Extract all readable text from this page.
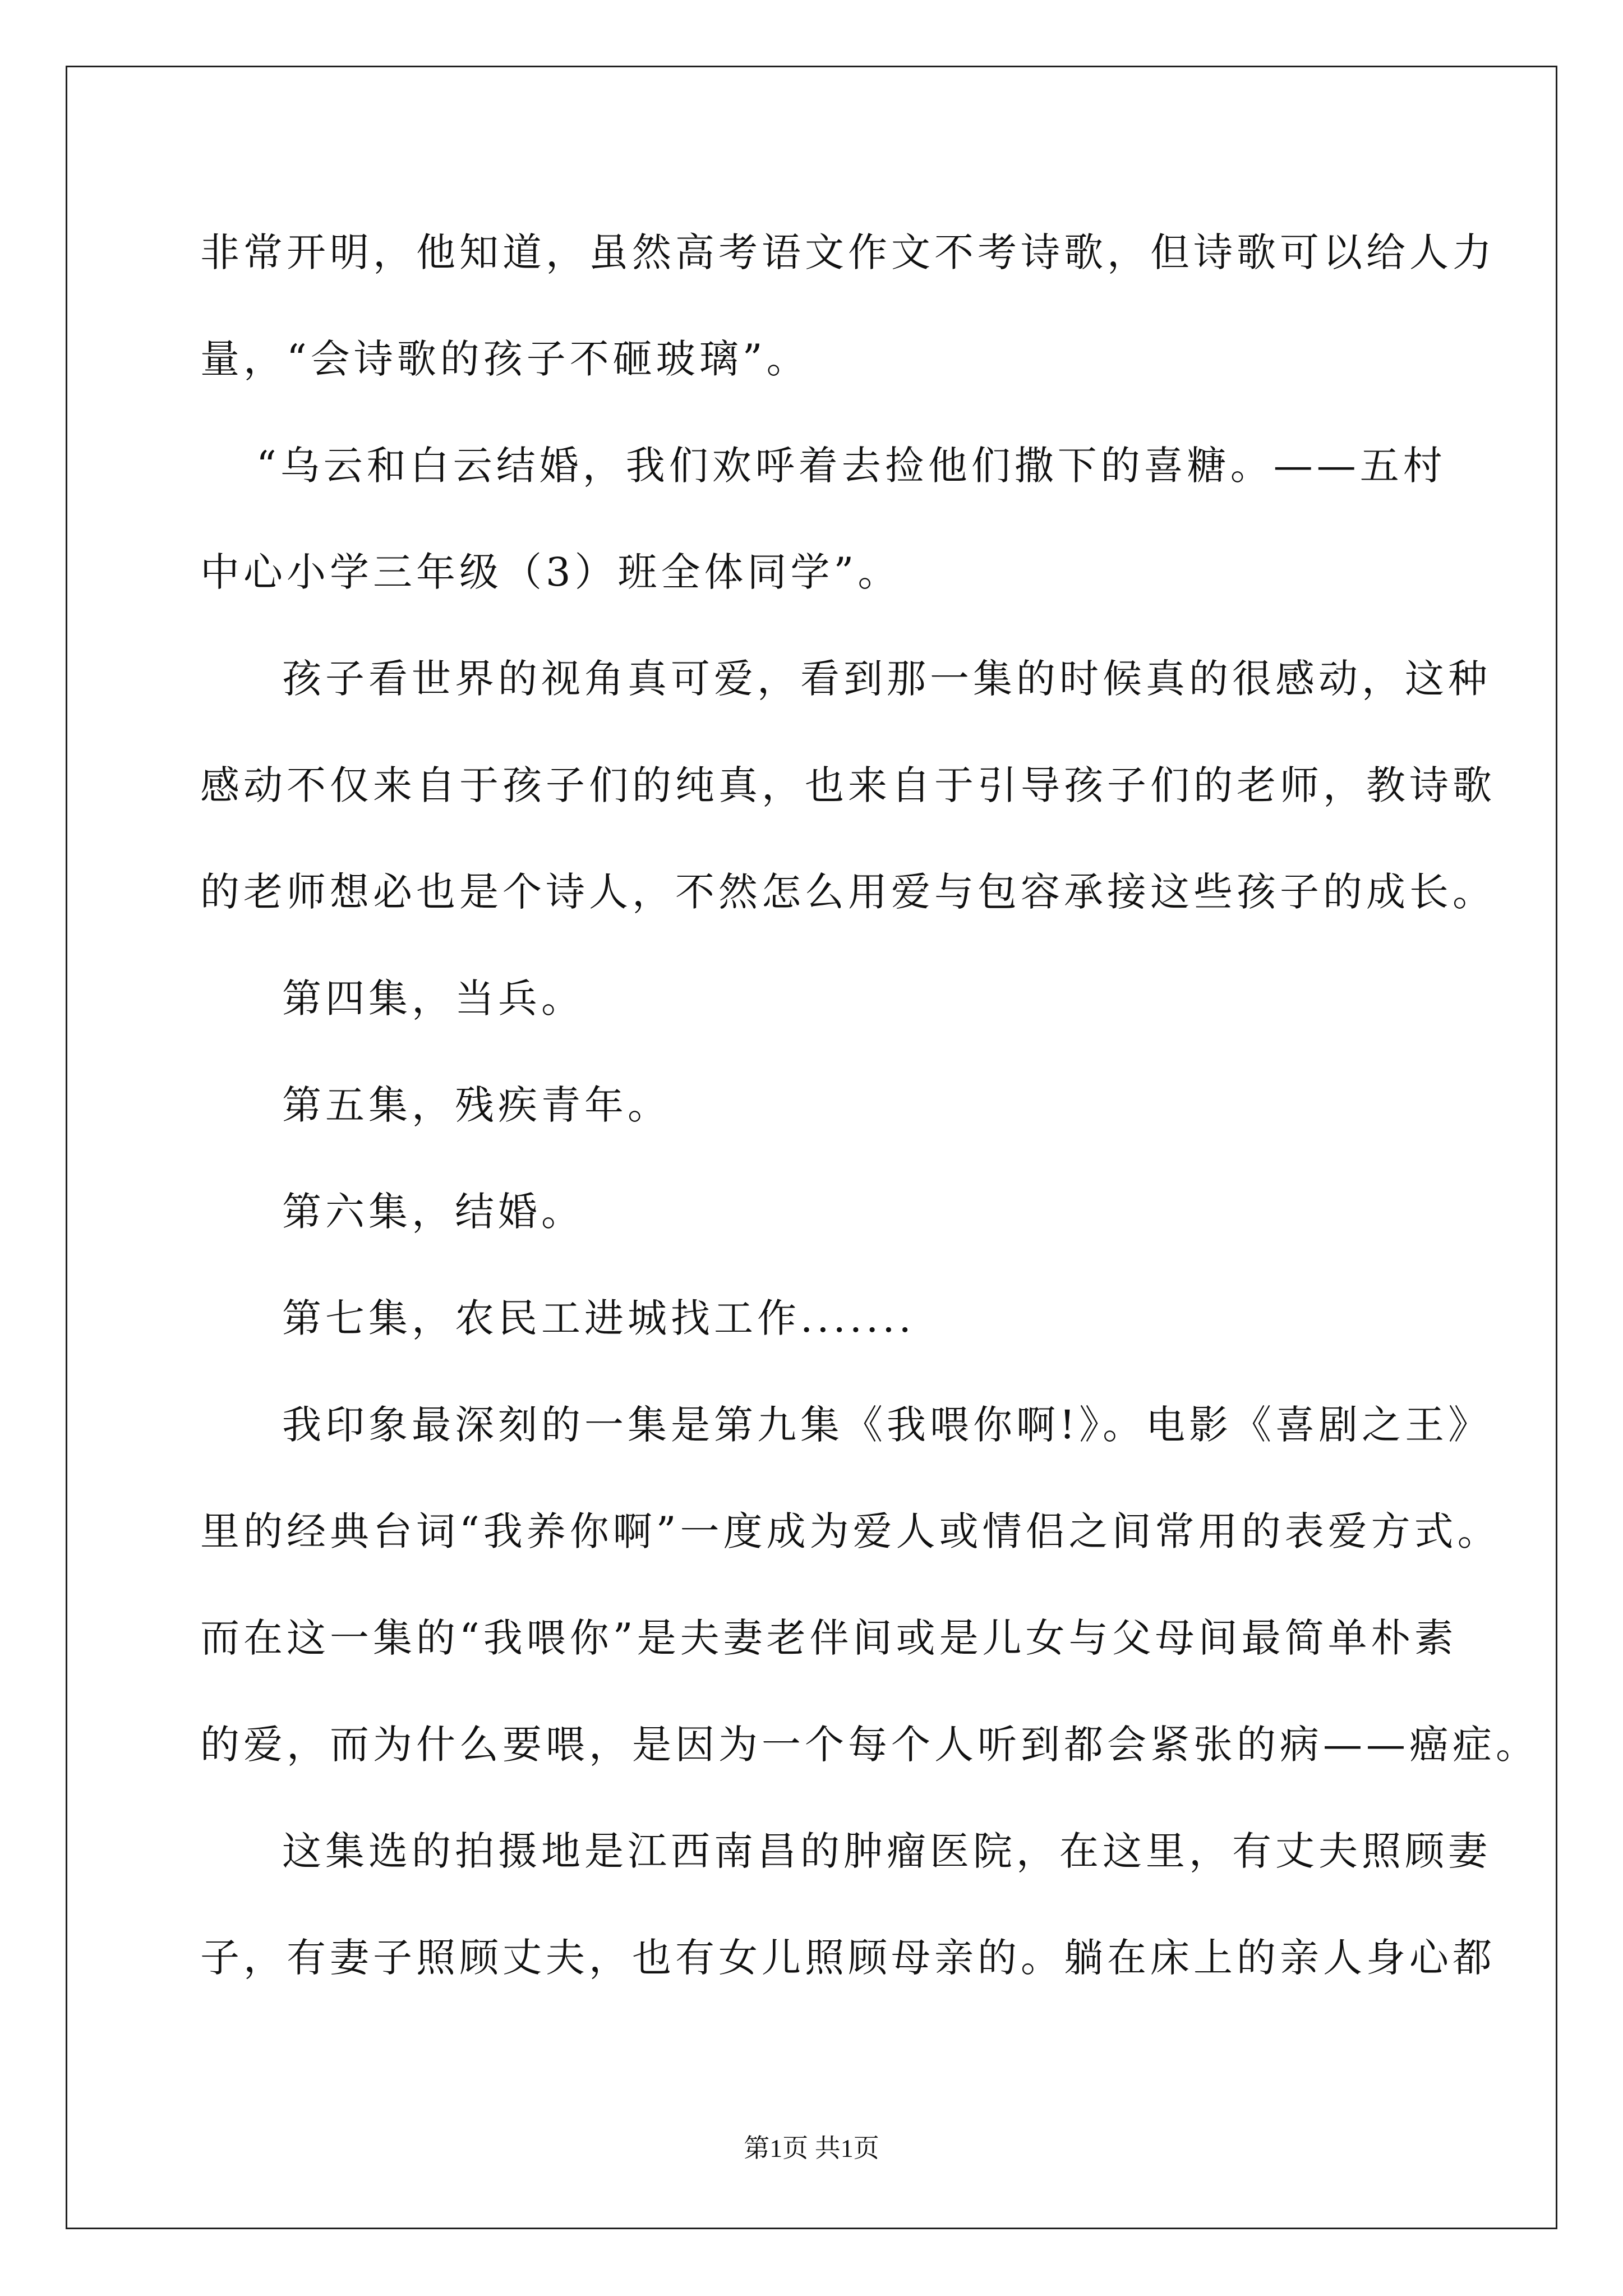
非常开明，他知道，虽然高考语文作文不考诗歌，但诗歌可以给人力
量，“会诗歌的孩子不砸玻璃”。
“乌云和白云结婚，我们欢呼着去捡他们撒下的喜糖。——五村
中心小学三年级（3）班全体同学”。
孩子看世界的视角真可爱，看到那一集的时候真的很感动，这种
感动不仅来自于孩子们的纯真，也来自于引导孩子们的老师，教诗歌
的老师想必也是个诗人，不然怎么用爱与包容承接这些孩子的成长。
第四集，当兵。
第五集，残疾青年。
第六集，结婚。
第七集，农民工进城找工作.......
我印象最深刻的一集是第九集《我喂你啊!》。电影《喜剧之王》
里的经典台词“我养你啊”一度成为爱人或情侣之间常用的表爱方式。
而在这一集的“我喂你”是夫妻老伴间或是儿女与父母间最简单朴素
的爱，而为什么要喂，是因为一个每个人听到都会紧张的病——癌症。
这集选的拍摄地是江西南昌的肿瘤医院，在这里，有丈夫照顾妻
子，有妻子照顾丈夫，也有女儿照顾母亲的。躺在床上的亲人身心都
第1页 共1页
